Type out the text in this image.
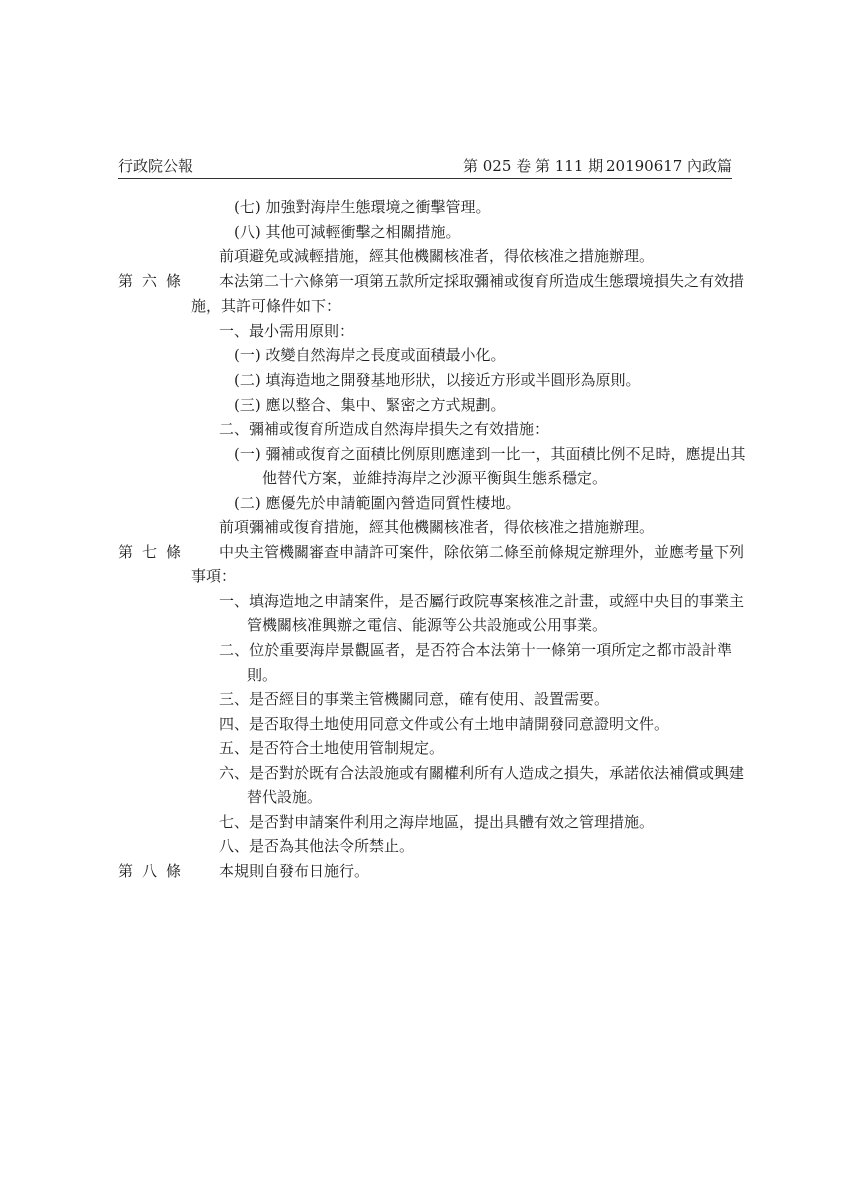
行政院公報	第 025 卷 第 111 期 20190617 內政篇
(七) 加強對海岸生態環境之衝擊管理。
(八) 其他可減輕衝擊之相關措施。
前項避免或減輕措施，經其他機關核准者，得依核准之措施辦理。
第六條 本法第二十六條第一項第五款所定採取彌補或復育所造成生態環境損失之有效措
施，其許可條件如下：
一、最小需用原則：
(一) 改變自然海岸之長度或面積最小化。
(二) 填海造地之開發基地形狀，以接近方形或半圓形為原則。
(三) 應以整合、集中、緊密之方式規劃。
二、彌補或復育所造成自然海岸損失之有效措施：
(一) 彌補或復育之面積比例原則應達到一比一，其面積比例不足時，應提出其
他替代方案，並維持海岸之沙源平衡與生態系穩定。
(二) 應優先於申請範圍內營造同質性棲地。
前項彌補或復育措施，經其他機關核准者，得依核准之措施辦理。
第七條 中央主管機關審查申請許可案件，除依第二條至前條規定辦理外，並應考量下列
事項：
一、填海造地之申請案件，是否屬行政院專案核准之計畫，或經中央目的事業主
管機關核准興辦之電信、能源等公共設施或公用事業。
二、位於重要海岸景觀區者，是否符合本法第十一條第一項所定之都市設計準
則。
三、是否經目的事業主管機關同意，確有使用、設置需要。
四、是否取得土地使用同意文件或公有土地申請開發同意證明文件。
五、是否符合土地使用管制規定。
六、是否對於既有合法設施或有關權利所有人造成之損失，承諾依法補償或興建
替代設施。
七、是否對申請案件利用之海岸地區，提出具體有效之管理措施。
八、是否為其他法令所禁止。
第八條 本規則自發布日施行。
